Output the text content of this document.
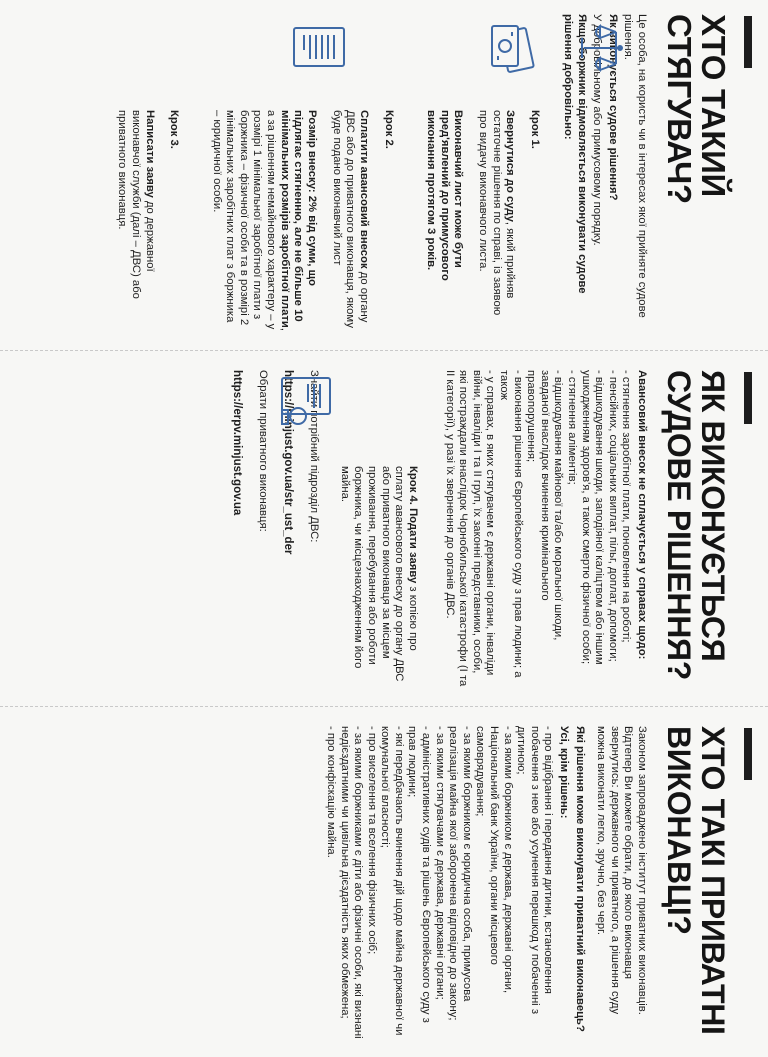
ХТО ТАКИЙ СТЯГУВАЧ?

Це особа, на користь чи в інтересах якої прийняте судове рішення.

Як виконується судове рішення?

У добровільному або примусовому порядку.

Якщо боржник відмовляється виконувати судове рішення добровільно:

Крок 1.

Звернутися до суду, який прийняв остаточне рішення по справі, із заявою про видачу виконавчого листа.

Виконавчий лист може бути пред'явлений до примусового виконання протягом 3 років.

Крок 2.

Сплатити авансовий внесок до органу ДВС або до приватного виконавця, якому буде подано виконавчий лист

Розмір внеску: 2% від суми, що підлягає стягненню, але не більше 10 мінімальних розмірів заробітної плати, а за рішенням немайнового характеру – у розмірі 1 мінімальної заробітної плати з боржника – фізичної особи та в розмірі 2 мінімальних заробітних плат з боржника – юридичної особи.

Крок 3.

Написати заяву до державної виконавчої служби (далі – ДВС) або приватного виконавця.

ЯК ВИКОНУЄТЬСЯ СУДОВЕ РІШЕННЯ?

Авансовий внесок не сплачується у справах щодо:

- стягнення заробітної плати, поновлення на роботі;
- пенсійних, соціальних виплат, пільг, доплат, допомоги;
- відшкодування шкоди, заподіяної каліцтвом або іншим ушкодженням здоров'я, а також смертю фізичної особи;
- стягнення аліментів;
- відшкодування майнової та/або моральної шкоди, завданої внаслідок вчинення кримінального правопорушення;
- виконання рішення Європейського суду з прав людини; а також
- у справах, в яких стягувачем є державні органи, інваліди війни, інваліди I та II груп, їх законні представники, особи, які постраждали внаслідок Чорнобильської катастрофи (I та II категорії), у разі їх звернення до органів ДВС.

Крок 4. Подати заяву з копією про сплату авансового внеску до органу ДВС або приватного виконавця за місцем проживання, перебування або роботи боржника, чи місцезнаходженням його майна.

Знайти потрібний підрозділ ДВС:

https://minjust.gov.ua/str_ust_der

Обрати приватного виконавця:

https://erpv.minjust.gov.ua

ХТО ТАКІ ПРИВАТНІ ВИКОНАВЦІ?

Законом запроваджено інститут приватних виконавців. Відтепер Ви можете обрати, до якого виконавця звернутись: державного чи приватного, а рішення суду можна виконати легко, зручно, без черг.

Які рішення може виконувати приватний виконавець?

Усі, крім рішень:

- про відібрання і передання дитини, встановлення побачення з нею або усунення перешкод у побаченні з дитиною;
- за якими боржником є держава, державні органи, Національний банк України, органи місцевого самоврядування;
- за якими боржником є юридична особа, примусова реалізація майна якої заборонена відповідно до закону;
- за якими стягувачами є держава, державні органи;
- адміністративних судів та рішень Європейського суду з прав людини;
- які передбачають вчинення дій щодо майна державної чи комунальної власності;
- про виселення та вселення фізичних осіб;
- за якими боржниками є діти або фізичні особи, які визнані недієздатними чи цивільна дієздатність яких обмежена;
- про конфіскацію майна.
